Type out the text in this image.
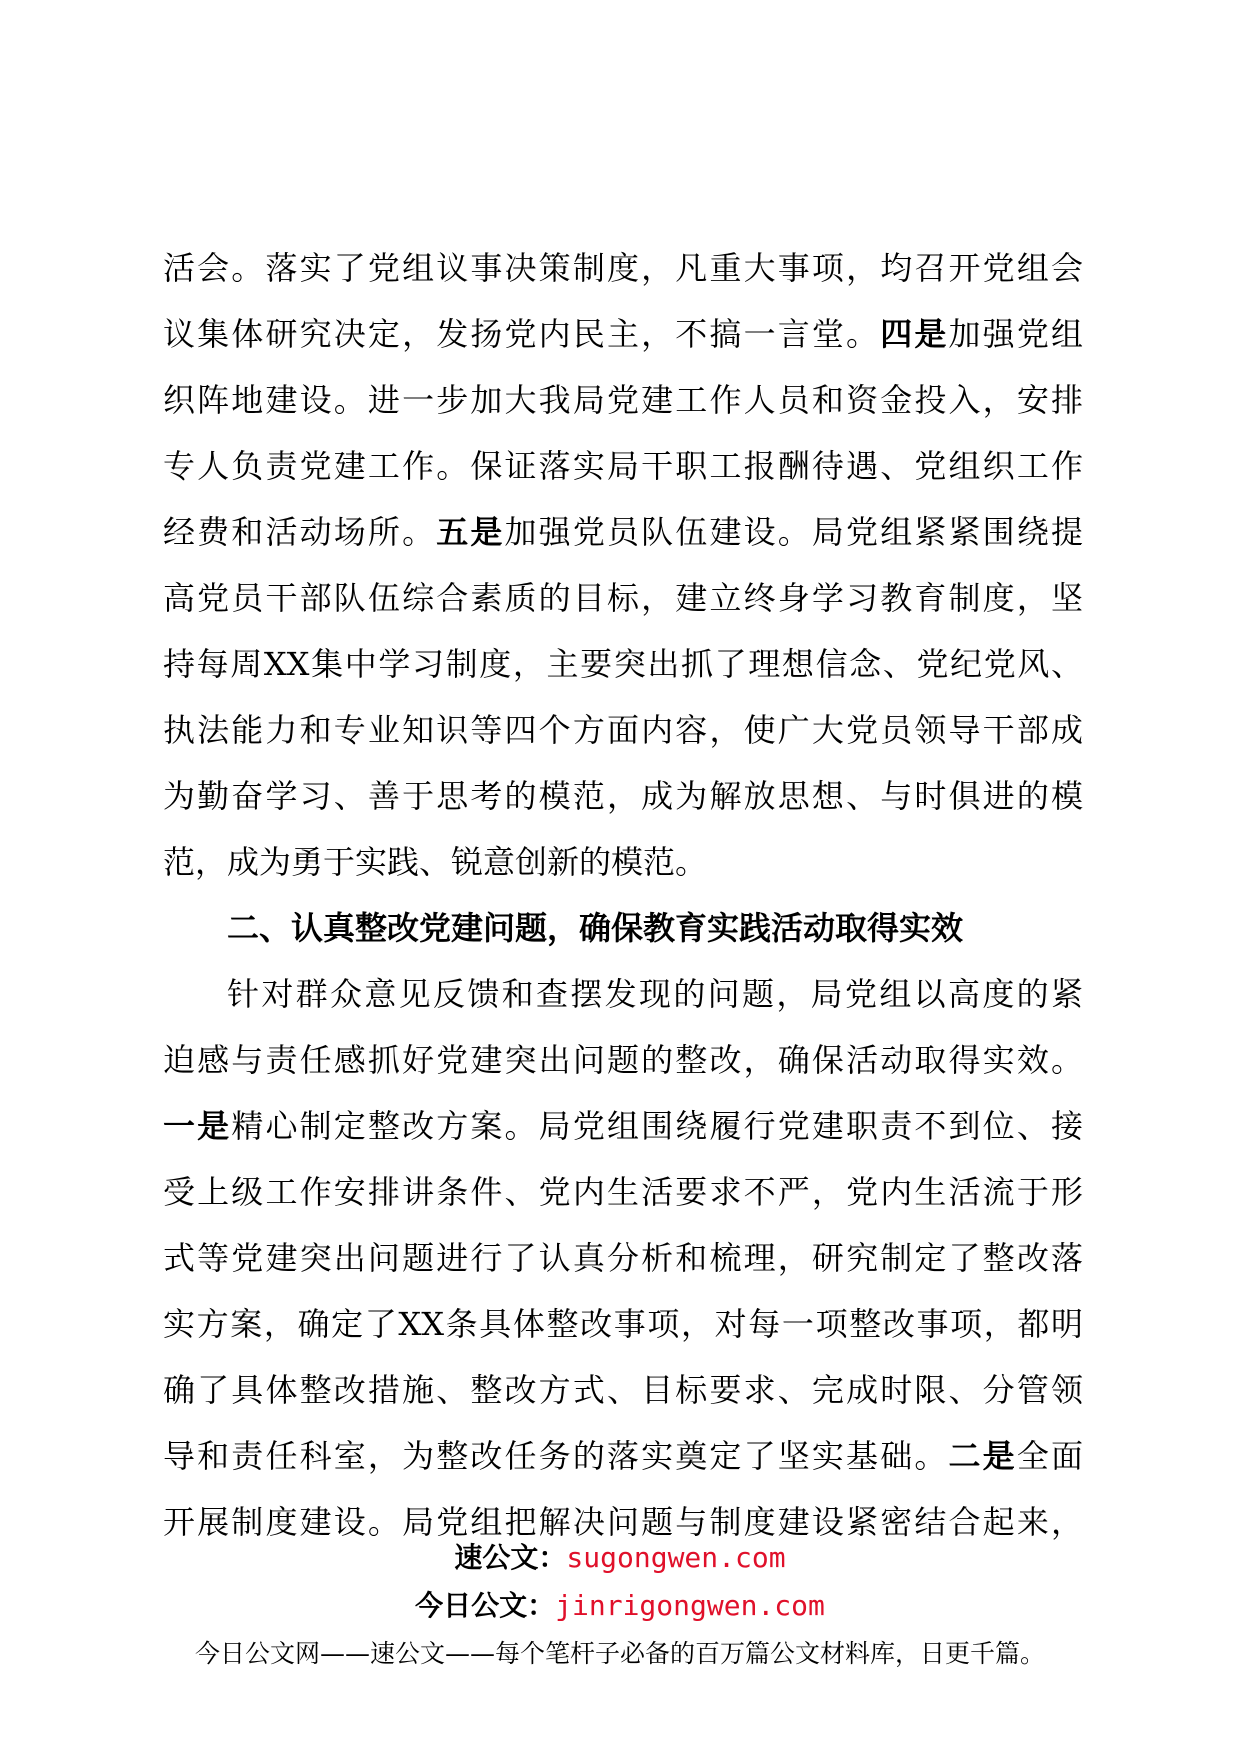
活会。落实了党组议事决策制度，凡重大事项，均召开党组会
议集体研究决定，发扬党内民主，不搞一言堂。四是加强党组
织阵地建设。进一步加大我局党建工作人员和资金投入，安排
专人负责党建工作。保证落实局干职工报酬待遇、党组织工作
经费和活动场所。五是加强党员队伍建设。局党组紧紧围绕提
高党员干部队伍综合素质的目标，建立终身学习教育制度，坚
持每周XX集中学习制度，主要突出抓了理想信念、党纪党风、
执法能力和专业知识等四个方面内容，使广大党员领导干部成
为勤奋学习、善于思考的模范，成为解放思想、与时俱进的模
范，成为勇于实践、锐意创新的模范。
二、认真整改党建问题，确保教育实践活动取得实效
针对群众意见反馈和查摆发现的问题，局党组以高度的紧
迫感与责任感抓好党建突出问题的整改，确保活动取得实效。
一是精心制定整改方案。局党组围绕履行党建职责不到位、接
受上级工作安排讲条件、党内生活要求不严，党内生活流于形
式等党建突出问题进行了认真分析和梳理，研究制定了整改落
实方案，确定了XX条具体整改事项，对每一项整改事项，都明
确了具体整改措施、整改方式、目标要求、完成时限、分管领
导和责任科室，为整改任务的落实奠定了坚实基础。二是全面
开展制度建设。局党组把解决问题与制度建设紧密结合起来，
速公文：sugongwen.com
今日公文：jinrigongwen.com
今日公文网——速公文——每个笔杆子必备的百万篇公文材料库，日更千篇。
